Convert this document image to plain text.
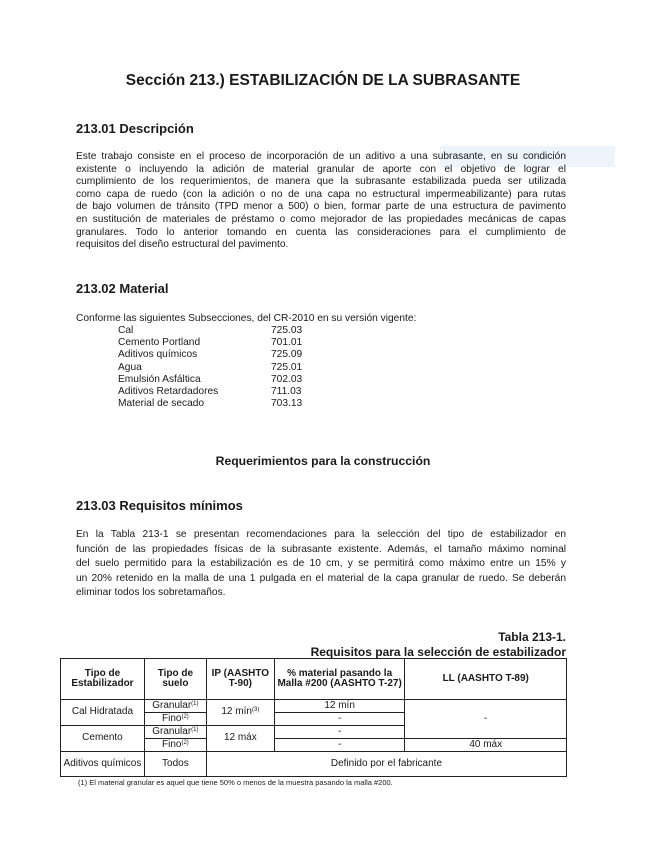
Sección 213.) ESTABILIZACIÓN DE LA SUBRASANTE
213.01 Descripción
Este trabajo consiste en el proceso de incorporación de un aditivo a una subrasante, en su condición
existente o incluyendo la adición de material granular de aporte con el objetivo de lograr el
cumplimiento de los requerimientos, de manera que la subrasante estabilizada pueda ser utilizada
como capa de ruedo (con la adición o no de una capa no estructural impermeabilizante) para rutas
de bajo volumen de tránsito (TPD menor a 500) o bien, formar parte de una estructura de pavimento
en sustitución de materiales de préstamo o como mejorador de las propiedades mecánicas de capas
granulares. Todo lo anterior tomando en cuenta las consideraciones para el cumplimiento de
requisitos del diseño estructural del pavimento.
213.02 Material
Conforme las siguientes Subsecciones, del CR-2010 en su versión vigente:
Cal	725.03
Cemento Portland	701.01
Aditivos químicos	725.09
Agua	725.01
Emulsión Asfáltica	702.03
Aditivos Retardadores	711.03
Material de secado	703.13
Requerimientos para la construcción
213.03 Requisitos mínimos
En la Tabla 213-1 se presentan recomendaciones para la selección del tipo de estabilizador en
función de las propiedades físicas de la subrasante existente. Además, el tamaño máximo nominal
del suelo permitido para la estabilización es de 10 cm, y se permitirá como máximo entre un 15% y
un 20% retenido en la malla de una 1 pulgada en el material de la capa granular de ruedo. Se deberán
eliminar todos los sobretamaños.
Tabla 213-1.
Requisitos para la selección de estabilizador
Tipo de Estabilizador	Tipo de suelo	IP (AASHTO T-90)	% material pasando la Malla #200 (AASHTO T-27)	LL (AASHTO T-89)
Cal Hidratada	Granular$^{(1)}$	12 mín$^{(3)}$	12 mín	-
	Fino$^{(2)}$		-	
Cemento	Granular$^{(1)}$	12 máx	-	
	Fino$^{(2)}$		-	40 máx
Aditivos químicos	Todos	Definido por el fabricante		
(1) El material granular es aquel que tiene 50% o menos de la muestra pasando la malla #200.
